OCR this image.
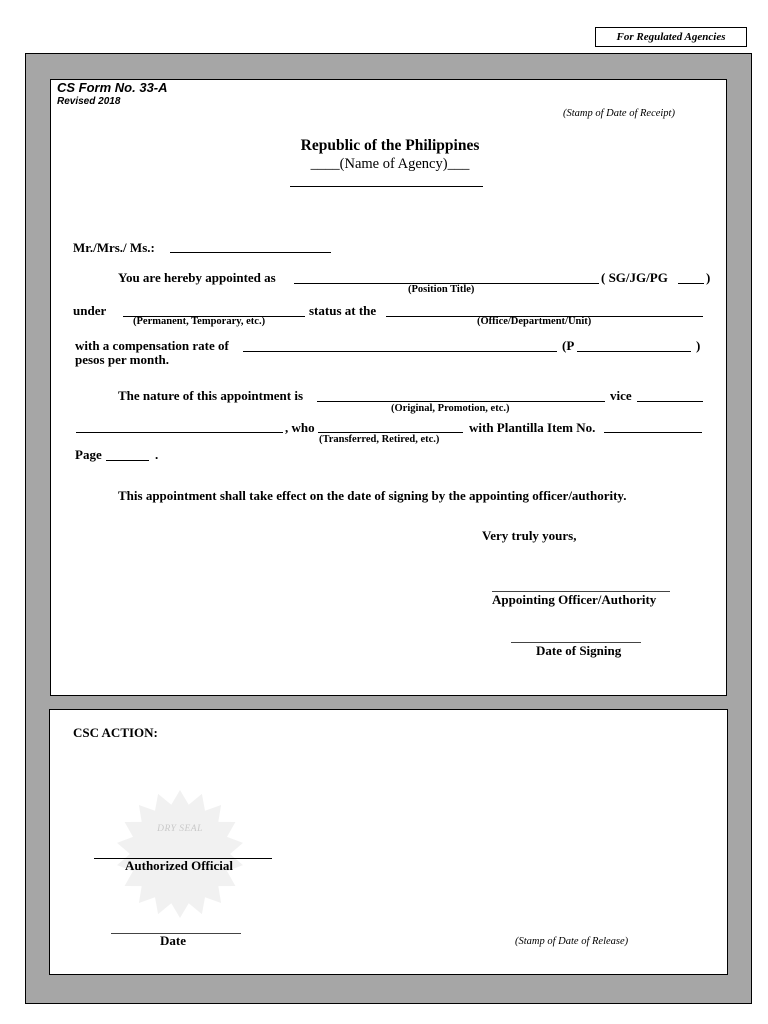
For Regulated Agencies
CS Form No. 33-A
Revised 2018
(Stamp of Date of Receipt)
Republic of the Philippines
____(Name of Agency)___
Mr./Mrs./ Ms.:
You are hereby appointed as	( SG/JG/PG	)
(Position Title)
under	status at the
(Permanent, Temporary, etc.)	(Office/Department/Unit)
with a compensation rate of	(P	)
pesos per month.
The nature of this appointment is	vice
(Original, Promotion, etc.)
, who	with Plantilla Item No.
(Transferred, Retired, etc.)
Page	.
This appointment shall take effect on the date of signing by the appointing officer/authority.
Very truly yours,
Appointing Officer/Authority
Date of Signing
CSC ACTION:
DRY SEAL
Authorized Official
Date	(Stamp of Date of Release)
